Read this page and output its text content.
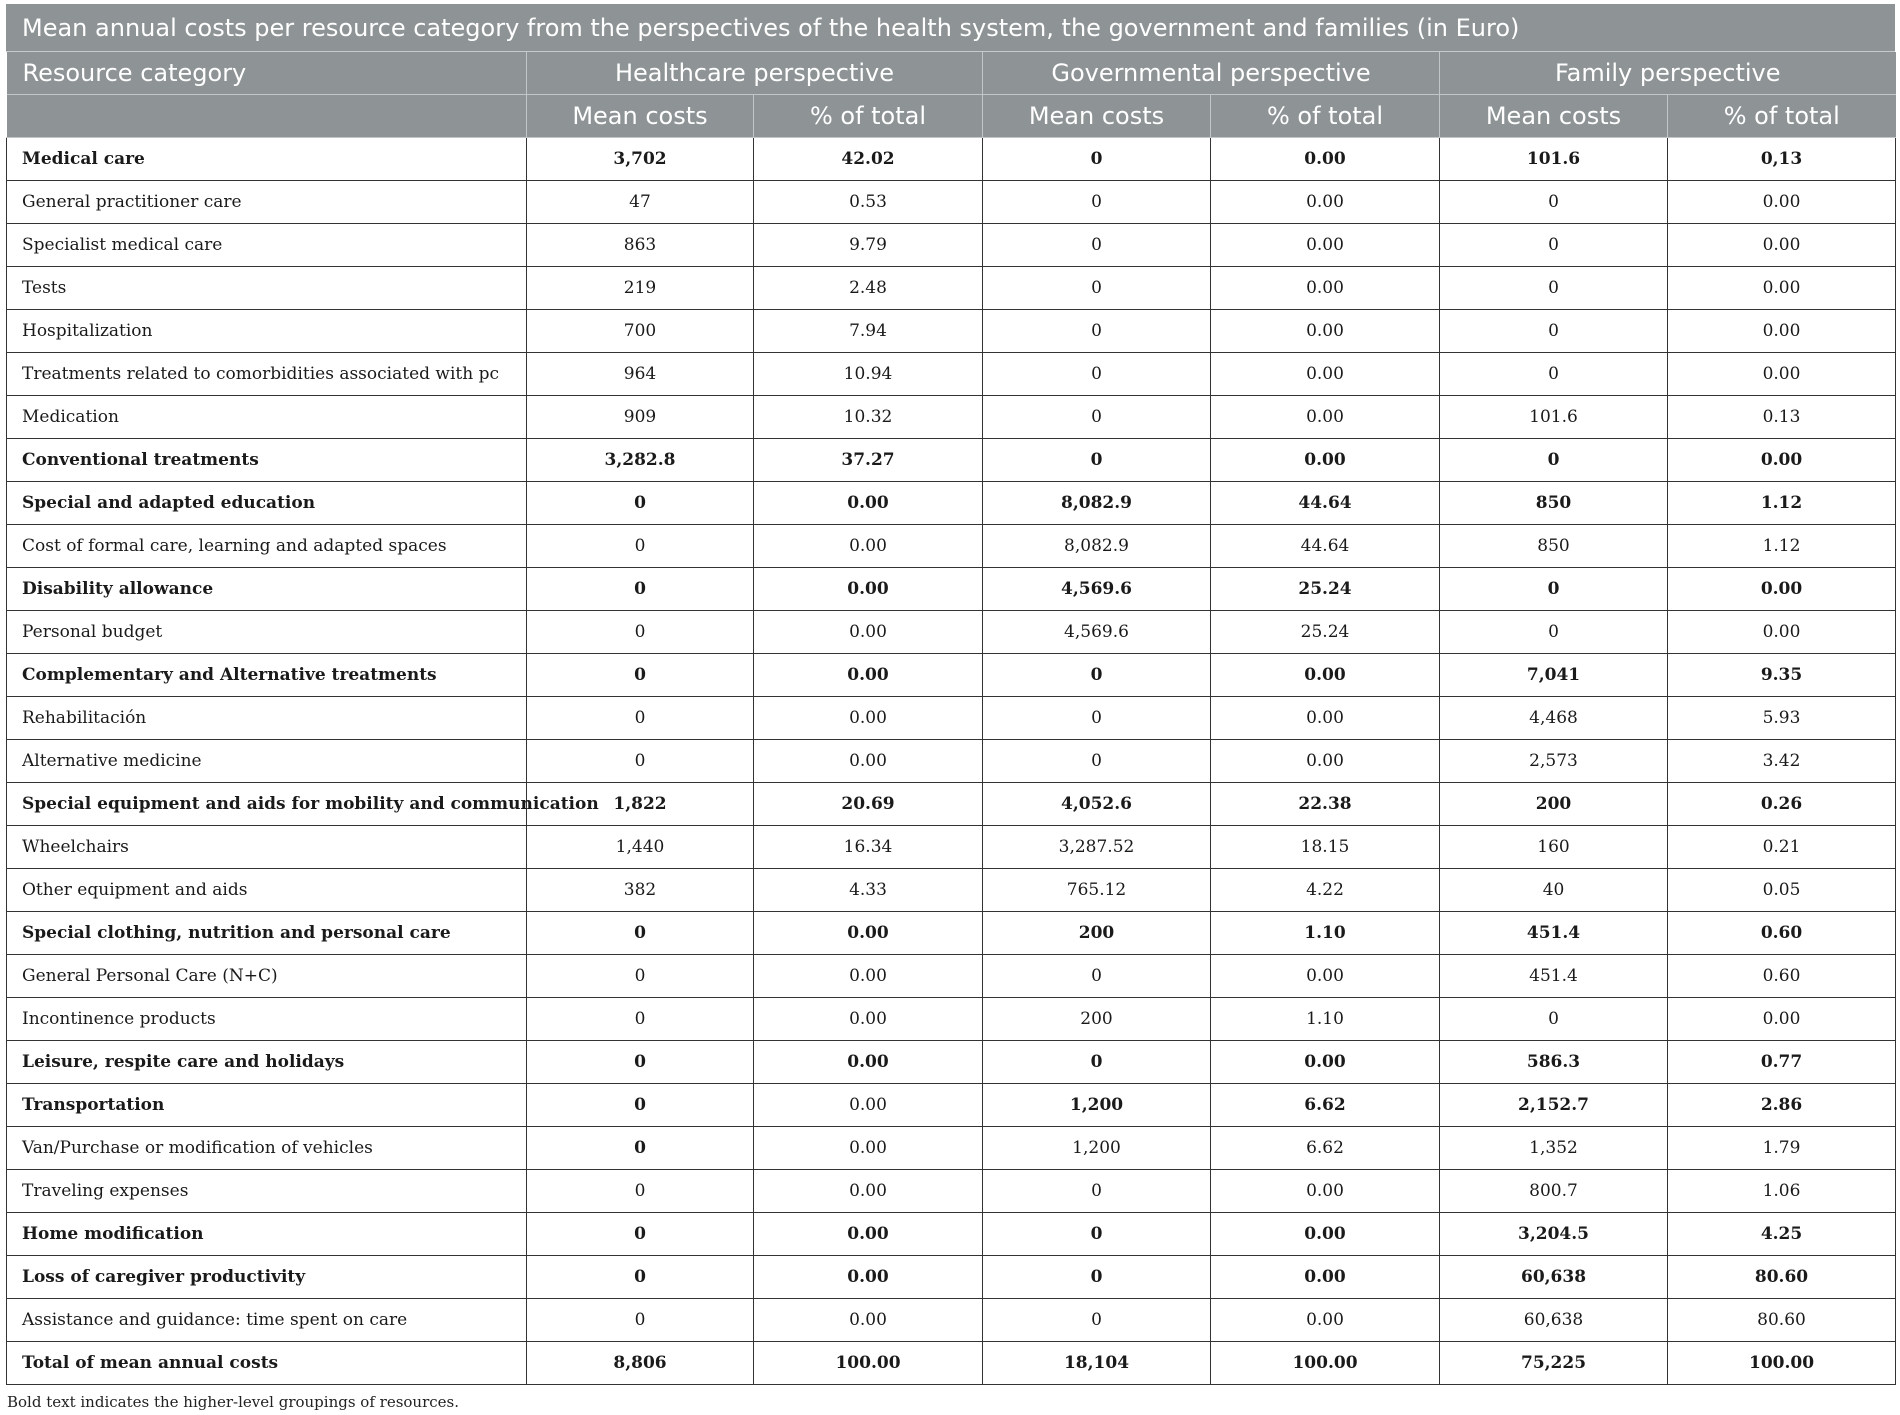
Mean annual costs per resource category from the perspectives of the health system, the government and families (in Euro)
Resource category	Healthcare perspective		Governmental perspective		Family perspective	
	Mean costs	% of total	Mean costs	% of total	Mean costs	% of total
Medical care	3,702	42.02	0	0.00	101.6	0,13
General practitioner care	47	0.53	0	0.00	0	0.00
Specialist medical care	863	9.79	0	0.00	0	0.00
Tests	219	2.48	0	0.00	0	0.00
Hospitalization	700	7.94	0	0.00	0	0.00
Treatments related to comorbidities associated with pc	964	10.94	0	0.00	0	0.00
Medication	909	10.32	0	0.00	101.6	0.13
Conventional treatments	3,282.8	37.27	0	0.00	0	0.00
Special and adapted education	0	0.00	8,082.9	44.64	850	1.12
Cost of formal care, learning and adapted spaces	0	0.00	8,082.9	44.64	850	1.12
Disability allowance	0	0.00	4,569.6	25.24	0	0.00
Personal budget	0	0.00	4,569.6	25.24	0	0.00
Complementary and Alternative treatments	0	0.00	0	0.00	7,041	9.35
Rehabilitación	0	0.00	0	0.00	4,468	5.93
Alternative medicine	0	0.00	0	0.00	2,573	3.42
Special equipment and aids for mobility and communication	1,822	20.69	4,052.6	22.38	200	0.26
Wheelchairs	1,440	16.34	3,287.52	18.15	160	0.21
Other equipment and aids	382	4.33	765.12	4.22	40	0.05
Special clothing, nutrition and personal care	0	0.00	200	1.10	451.4	0.60
General Personal Care (N+C)	0	0.00	0	0.00	451.4	0.60
Incontinence products	0	0.00	200	1.10	0	0.00
Leisure, respite care and holidays	0	0.00	0	0.00	586.3	0.77
Transportation	0	0.00	1,200	6.62	2,152.7	2.86
Van/Purchase or modification of vehicles	0	0.00	1,200	6.62	1,352	1.79
Traveling expenses	0	0.00	0	0.00	800.7	1.06
Home modification	0	0.00	0	0.00	3,204.5	4.25
Loss of caregiver productivity	0	0.00	0	0.00	60,638	80.60
Assistance and guidance: time spent on care	0	0.00	0	0.00	60,638	80.60
Total of mean annual costs	8,806	100.00	18,104	100.00	75,225	100.00
Bold text indicates the higher-level groupings of resources.
